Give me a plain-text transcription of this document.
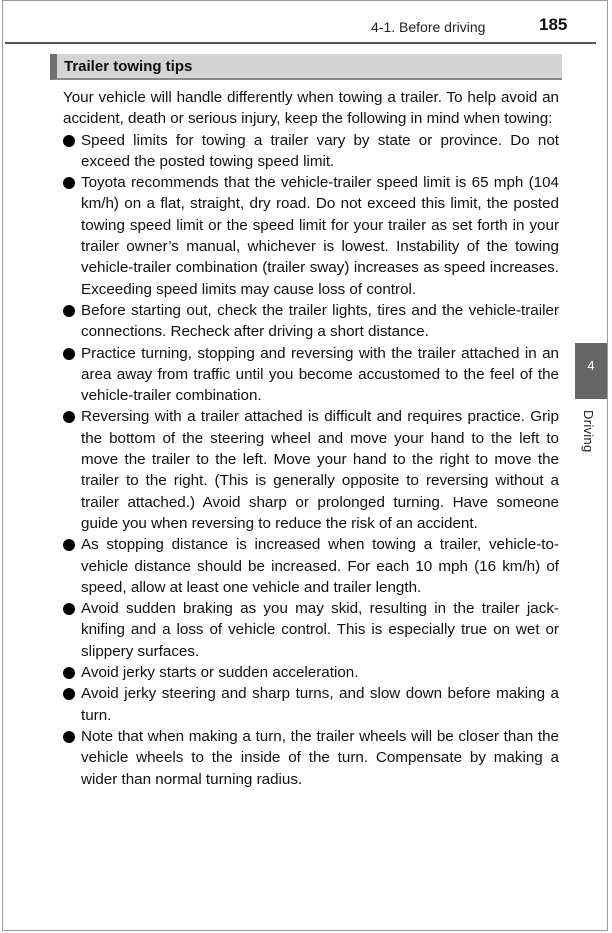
4-1. Before driving	185
Trailer towing tips

Your vehicle will handle differently when towing a trailer. To help avoid an accident, death or serious injury, keep the following in mind when towing:

Speed limits for towing a trailer vary by state or province. Do not exceed the posted towing speed limit.
Toyota recommends that the vehicle-trailer speed limit is 65 mph (104 km/h) on a flat, straight, dry road. Do not exceed this limit, the posted towing speed limit or the speed limit for your trailer as set forth in your trailer owner’s manual, whichever is lowest. Instability of the towing vehicle-trailer combination (trailer sway) increases as speed increases. Exceeding speed limits may cause loss of control.
Before starting out, check the trailer lights, tires and the vehicle-trailer connections. Recheck after driving a short distance.
Practice turning, stopping and reversing with the trailer attached in an area away from traffic until you become accustomed to the feel of the vehicle-trailer combination.
Reversing with a trailer attached is difficult and requires practice. Grip the bottom of the steering wheel and move your hand to the left to move the trailer to the left. Move your hand to the right to move the trailer to the right. (This is generally opposite to reversing without a trailer attached.) Avoid sharp or prolonged turning. Have someone guide you when reversing to reduce the risk of an accident.
As stopping distance is increased when towing a trailer, vehicle-to-vehicle distance should be increased. For each 10 mph (16 km/h) of speed, allow at least one vehicle and trailer length.
Avoid sudden braking as you may skid, resulting in the trailer jack-knifing and a loss of vehicle control. This is especially true on wet or slippery surfaces.
Avoid jerky starts or sudden acceleration.
Avoid jerky steering and sharp turns, and slow down before making a turn.
Note that when making a turn, the trailer wheels will be closer than the vehicle wheels to the inside of the turn. Compensate by making a wider than normal turning radius.
4
Driving
